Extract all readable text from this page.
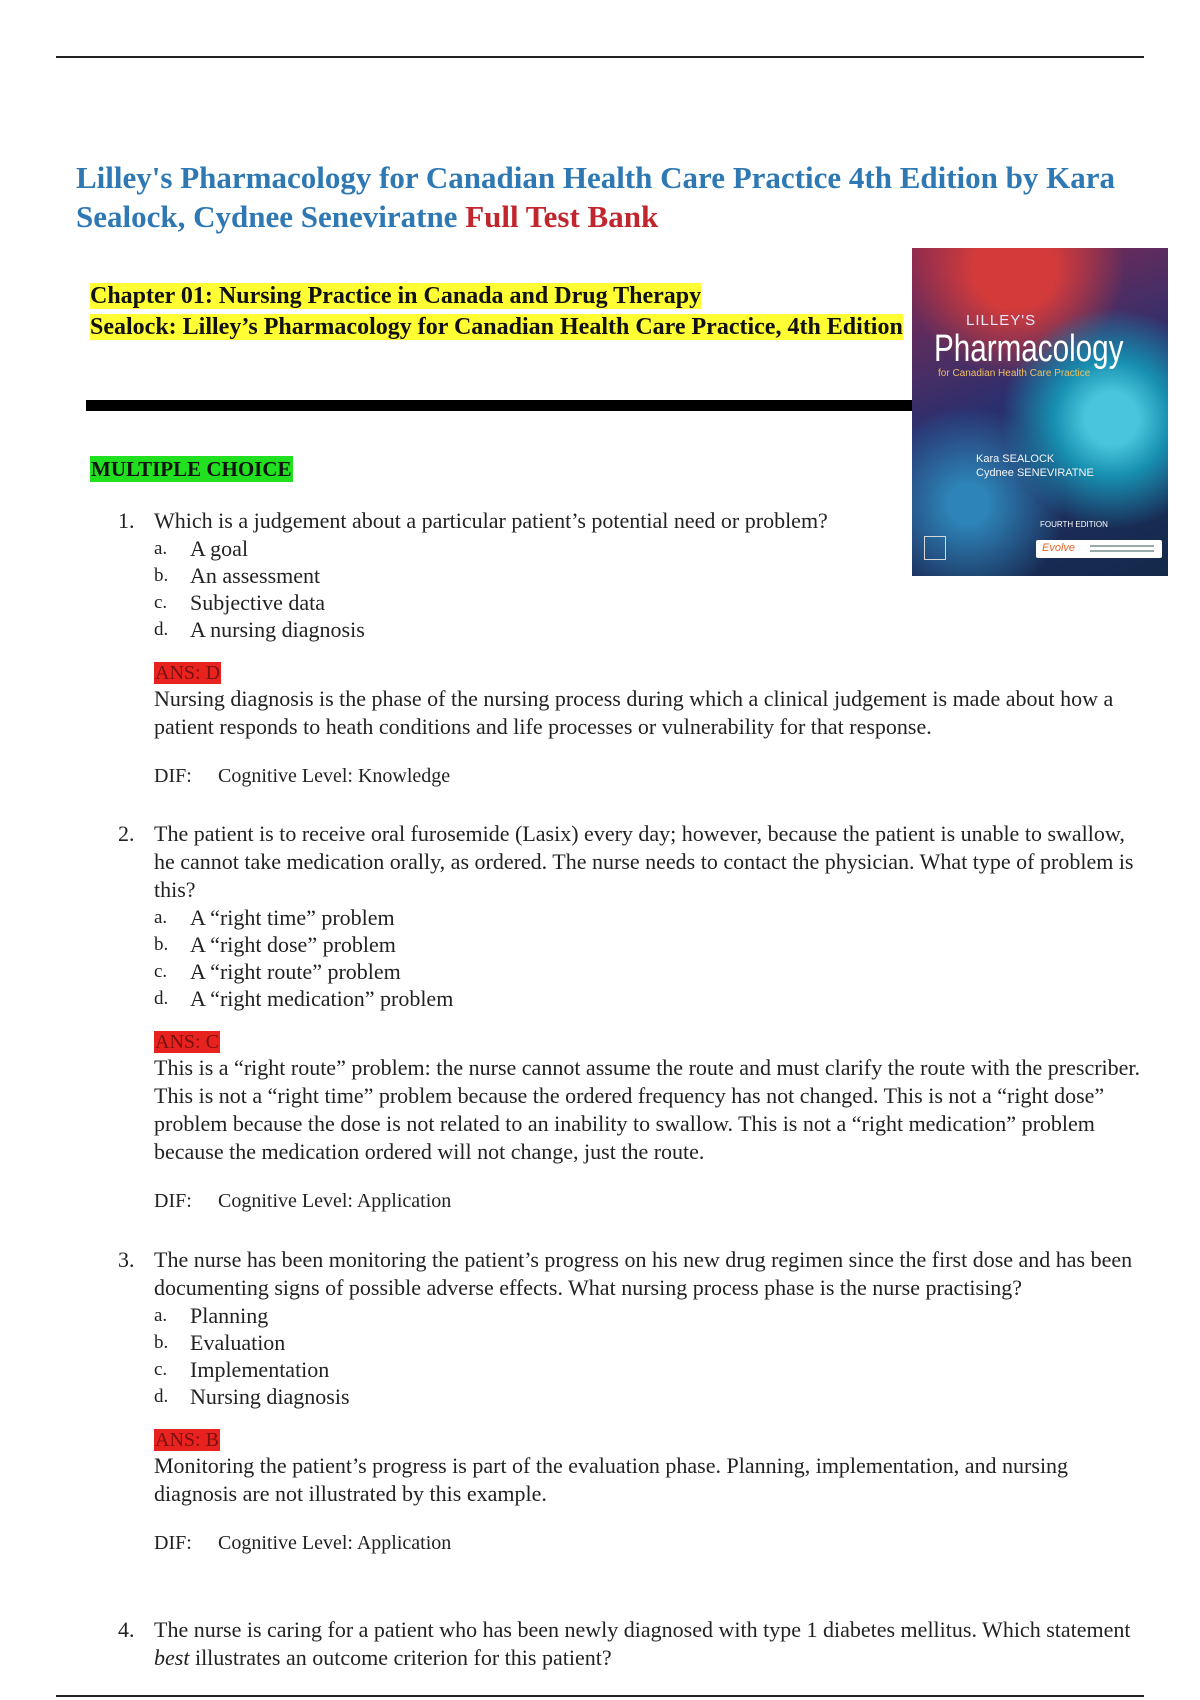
Lilley's Pharmacology for Canadian Health Care Practice 4th Edition by Kara Sealock, Cydnee Seneviratne Full Test Bank
Chapter 01: Nursing Practice in Canada and Drug Therapy
Sealock: Lilley’s Pharmacology for Canadian Health Care Practice, 4th Edition	LILLEY'S
Pharmacology
for Canadian Health Care Practice
Kara SEALOCK
Cydnee SENEVIRATNE
FOURTH EDITION
Evolve
MULTIPLE CHOICE
1. Which is a judgement about a particular patient’s potential need or problem?
a. A goal
b. An assessment
c. Subjective data
d. A nursing diagnosis
ANS: D
Nursing diagnosis is the phase of the nursing process during which a clinical judgement is made about how a patient responds to heath conditions and life processes or vulnerability for that response.
DIF: Cognitive Level: Knowledge
2. The patient is to receive oral furosemide (Lasix) every day; however, because the patient is unable to swallow, he cannot take medication orally, as ordered. The nurse needs to contact the physician. What type of problem is this?
a. A “right time” problem
b. A “right dose” problem
c. A “right route” problem
d. A “right medication” problem
ANS: C
This is a “right route” problem: the nurse cannot assume the route and must clarify the route with the prescriber. This is not a “right time” problem because the ordered frequency has not changed. This is not a “right dose” problem because the dose is not related to an inability to swallow. This is not a “right medication” problem because the medication ordered will not change, just the route.
DIF: Cognitive Level: Application
3. The nurse has been monitoring the patient’s progress on his new drug regimen since the first dose and has been documenting signs of possible adverse effects. What nursing process phase is the nurse practising?
a. Planning
b. Evaluation
c. Implementation
d. Nursing diagnosis
ANS: B
Monitoring the patient’s progress is part of the evaluation phase. Planning, implementation, and nursing diagnosis are not illustrated by this example.
DIF: Cognitive Level: Application
4. The nurse is caring for a patient who has been newly diagnosed with type 1 diabetes mellitus. Which statement best illustrates an outcome criterion for this patient?
